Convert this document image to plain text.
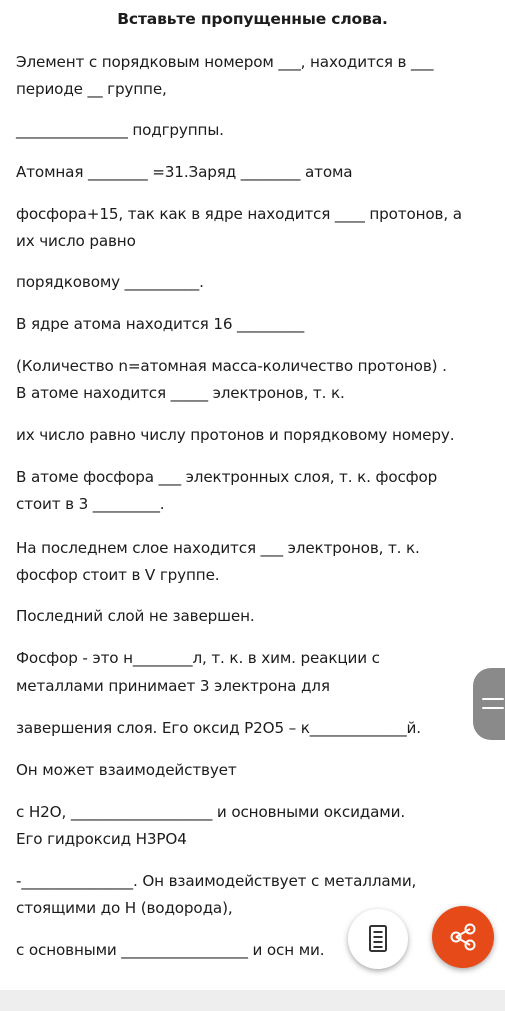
Вставьте пропущенные слова.
Элемент с порядковым номером ___, находится в ___
периоде __ группе,
_______________ подгруппы.
Атомная ________ =31.Заряд ________ атома
фосфора+15, так как в ядре находится ____ протонов, а
их число равно
порядковому __________.
В ядре атома находится 16 _________
(Количество n=атомная масса-количество протонов) .
В атоме находится _____ электронов, т. к.
их число равно числу протонов и порядковому номеру.
В атоме фосфора ___ электронных слоя, т. к. фосфор
стоит в 3 _________.
На последнем слое находится ___ электронов, т. к.
фосфор стоит в V группе.
Последний слой не завершен.
Фосфор - это н________л, т. к. в хим. реакции с
металлами принимает 3 электрона для
завершения слоя. Его оксид P2O5 – к_____________й.
Он может взаимодействует
с H2O, ___________________ и основными оксидами.
Его гидроксид H3PO4
-_______________. Он взаимодействует с металлами,
стоящими до Н (водорода),
с основными _________________ и осн ми.
